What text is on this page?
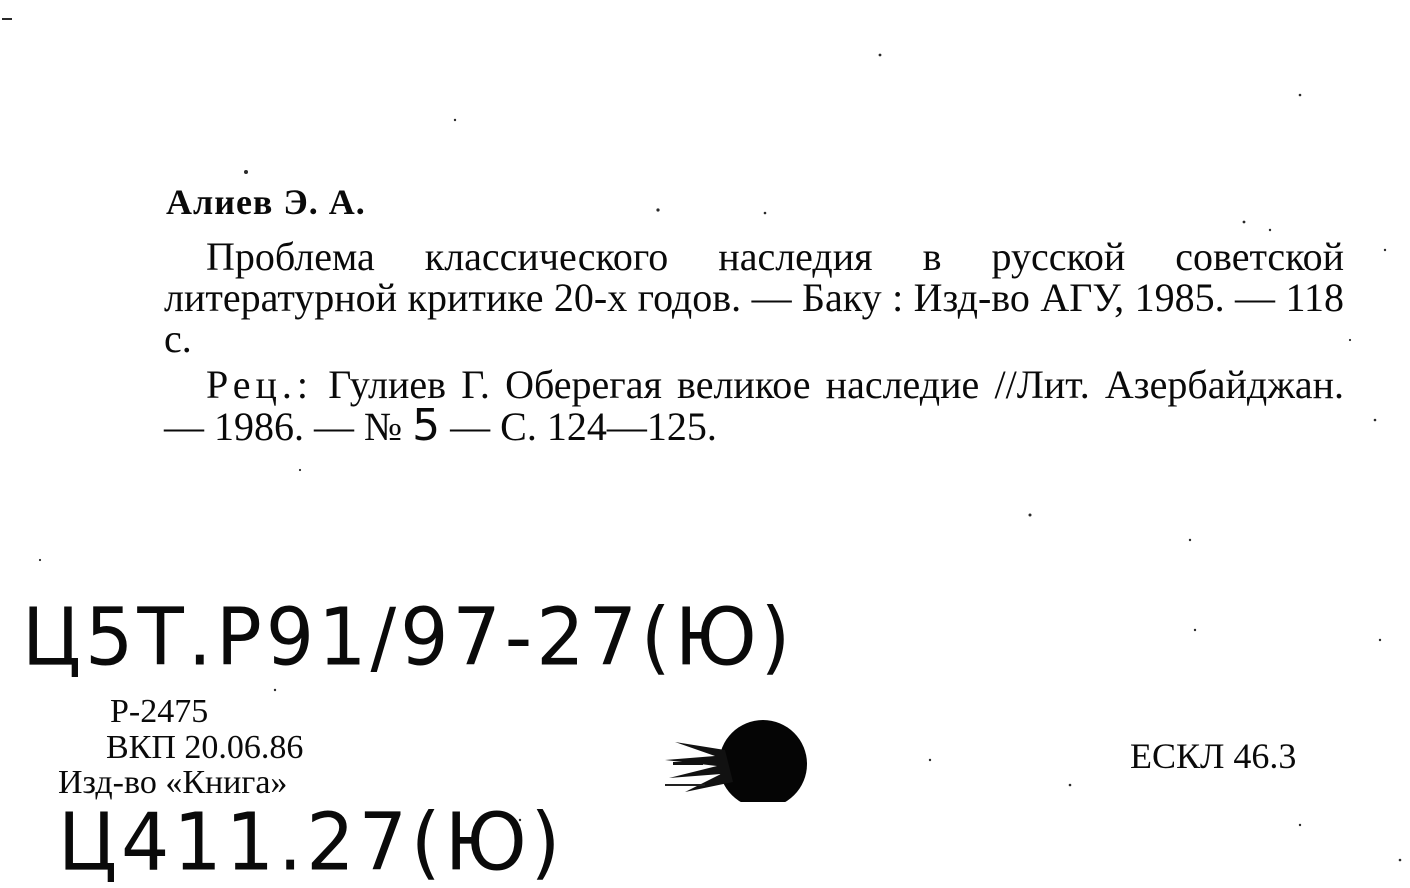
Алиев Э. А.
Проблема классического наследия в русской советской литературной критике 20-х годов. — Баку : Изд-во АГУ, 1985. — 118 с.
Рец.: Гулиев Г. Оберегая великое наследие //Лит. Азербайджан. — 1986. — № 5 — С. 124—125.
Ц5Т.Р91/97-27(Ю)
Р-2475
ВКП 20.06.86
Изд-во «Книга»
Ц411.27(Ю)
ЕСКЛ 46.3
